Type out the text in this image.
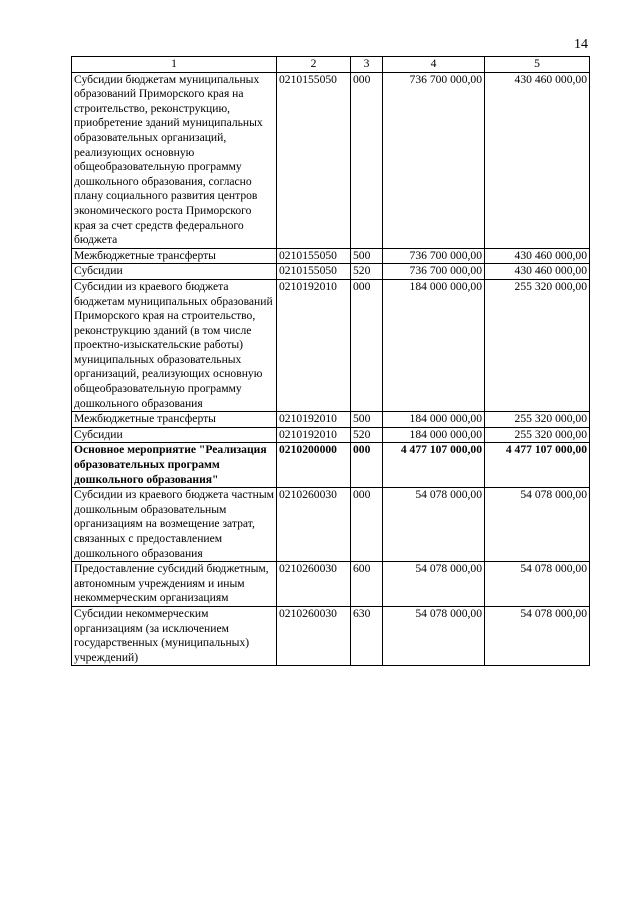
14
1	2	3	4	5
Субсидии бюджетам муниципальных образований Приморского края на строительство, реконструкцию, приобретение зданий муниципальных образовательных организаций, реализующих основную общеобразовательную программу дошкольного образования, согласно плану социального развития центров экономического роста Приморского края за счет средств федерального бюджета	0210155050	000	736 700 000,00	430 460 000,00
Межбюджетные трансферты	0210155050	500	736 700 000,00	430 460 000,00
Субсидии	0210155050	520	736 700 000,00	430 460 000,00
Субсидии из краевого бюджета бюджетам муниципальных образований Приморского края на строительство, реконструкцию зданий (в том числе проектно-изыскательские работы) муниципальных образовательных организаций, реализующих основную общеобразовательную программу дошкольного образования	0210192010	000	184 000 000,00	255 320 000,00
Межбюджетные трансферты	0210192010	500	184 000 000,00	255 320 000,00
Субсидии	0210192010	520	184 000 000,00	255 320 000,00
Основное мероприятие "Реализация образовательных программ дошкольного образования"	0210200000	000	4 477 107 000,00	4 477 107 000,00
Субсидии из краевого бюджета частным дошкольным образовательным организациям на возмещение затрат, связанных с предоставлением дошкольного образования	0210260030	000	54 078 000,00	54 078 000,00
Предоставление субсидий бюджетным, автономным учреждениям и иным некоммерческим организациям	0210260030	600	54 078 000,00	54 078 000,00
Субсидии некоммерческим организациям (за исключением государственных (муниципальных) учреждений)	0210260030	630	54 078 000,00	54 078 000,00
